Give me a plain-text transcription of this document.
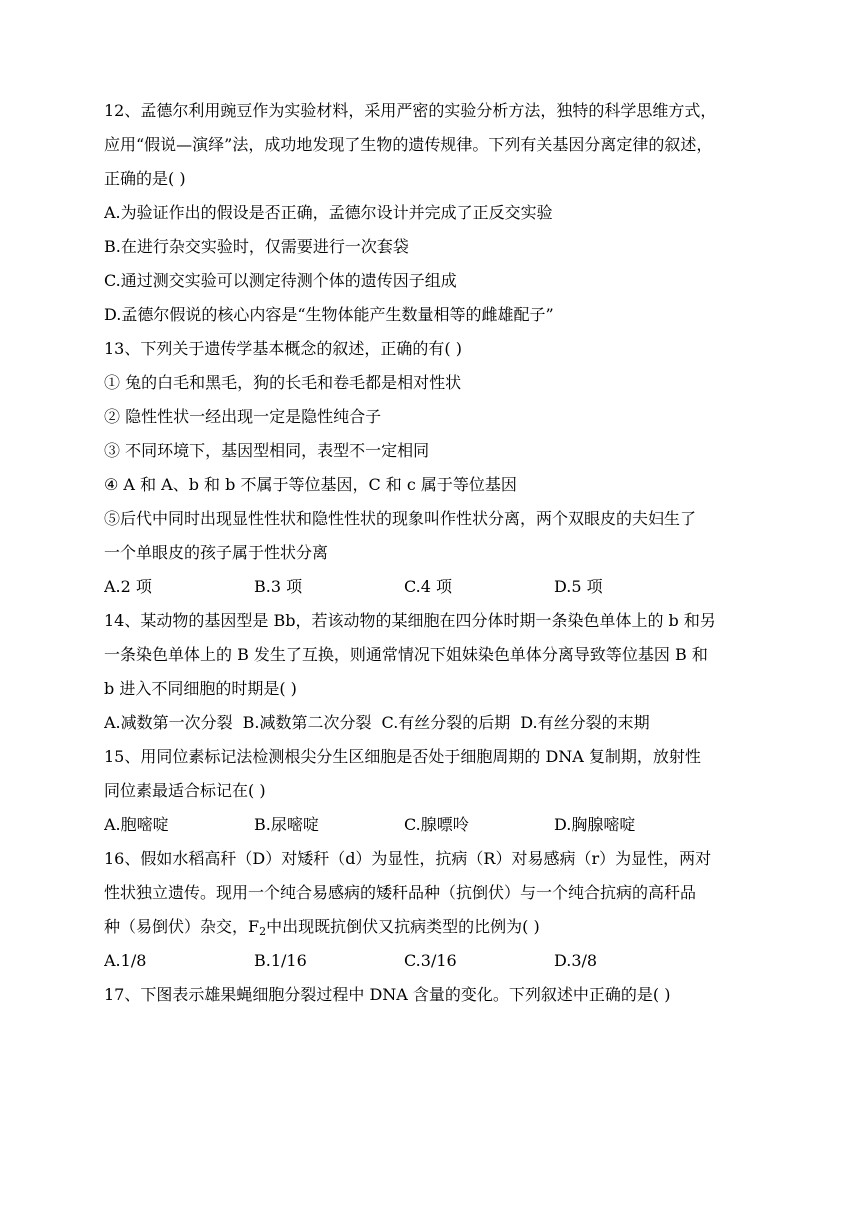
12、孟德尔利用豌豆作为实验材料，采用严密的实验分析方法，独特的科学思维方式，
应用“假说—演绎”法，成功地发现了生物的遗传规律。下列有关基因分离定律的叙述，
正确的是( )
A.为验证作出的假设是否正确，孟德尔设计并完成了正反交实验
B.在进行杂交实验时，仅需要进行一次套袋
C.通过测交实验可以测定待测个体的遗传因子组成
D.孟德尔假说的核心内容是“生物体能产生数量相等的雌雄配子”
13、下列关于遗传学基本概念的叙述，正确的有( )
① 兔的白毛和黑毛，狗的长毛和卷毛都是相对性状
② 隐性性状一经出现一定是隐性纯合子
③ 不同环境下，基因型相同，表型不一定相同
④ A 和 A、b 和 b 不属于等位基因，C 和 c 属于等位基因
⑤后代中同时出现显性性状和隐性性状的现象叫作性状分离，两个双眼皮的夫妇生了
一个单眼皮的孩子属于性状分离
A.2 项	B.3 项	C.4 项	D.5 项
14、某动物的基因型是 Bb，若该动物的某细胞在四分体时期一条染色单体上的 b 和另
一条染色单体上的 B 发生了互换，则通常情况下姐妹染色单体分离导致等位基因 B 和
b 进入不同细胞的时期是( )
A.减数第一次分裂 B.减数第二次分裂 C.有丝分裂的后期 D.有丝分裂的末期
15、用同位素标记法检测根尖分生区细胞是否处于细胞周期的 DNA 复制期，放射性
同位素最适合标记在( )
A.胞嘧啶	B.尿嘧啶	C.腺嘌呤	D.胸腺嘧啶
16、假如水稻高秆（D）对矮秆（d）为显性，抗病（R）对易感病（r）为显性，两对
性状独立遗传。现用一个纯合易感病的矮秆品种（抗倒伏）与一个纯合抗病的高秆品
种（易倒伏）杂交，$F_2$中出现既抗倒伏又抗病类型的比例为( )
A.1/8	B.1/16	C.3/16	D.3/8
17、下图表示雄果蝇细胞分裂过程中 DNA 含量的变化。下列叙述中正确的是( )
